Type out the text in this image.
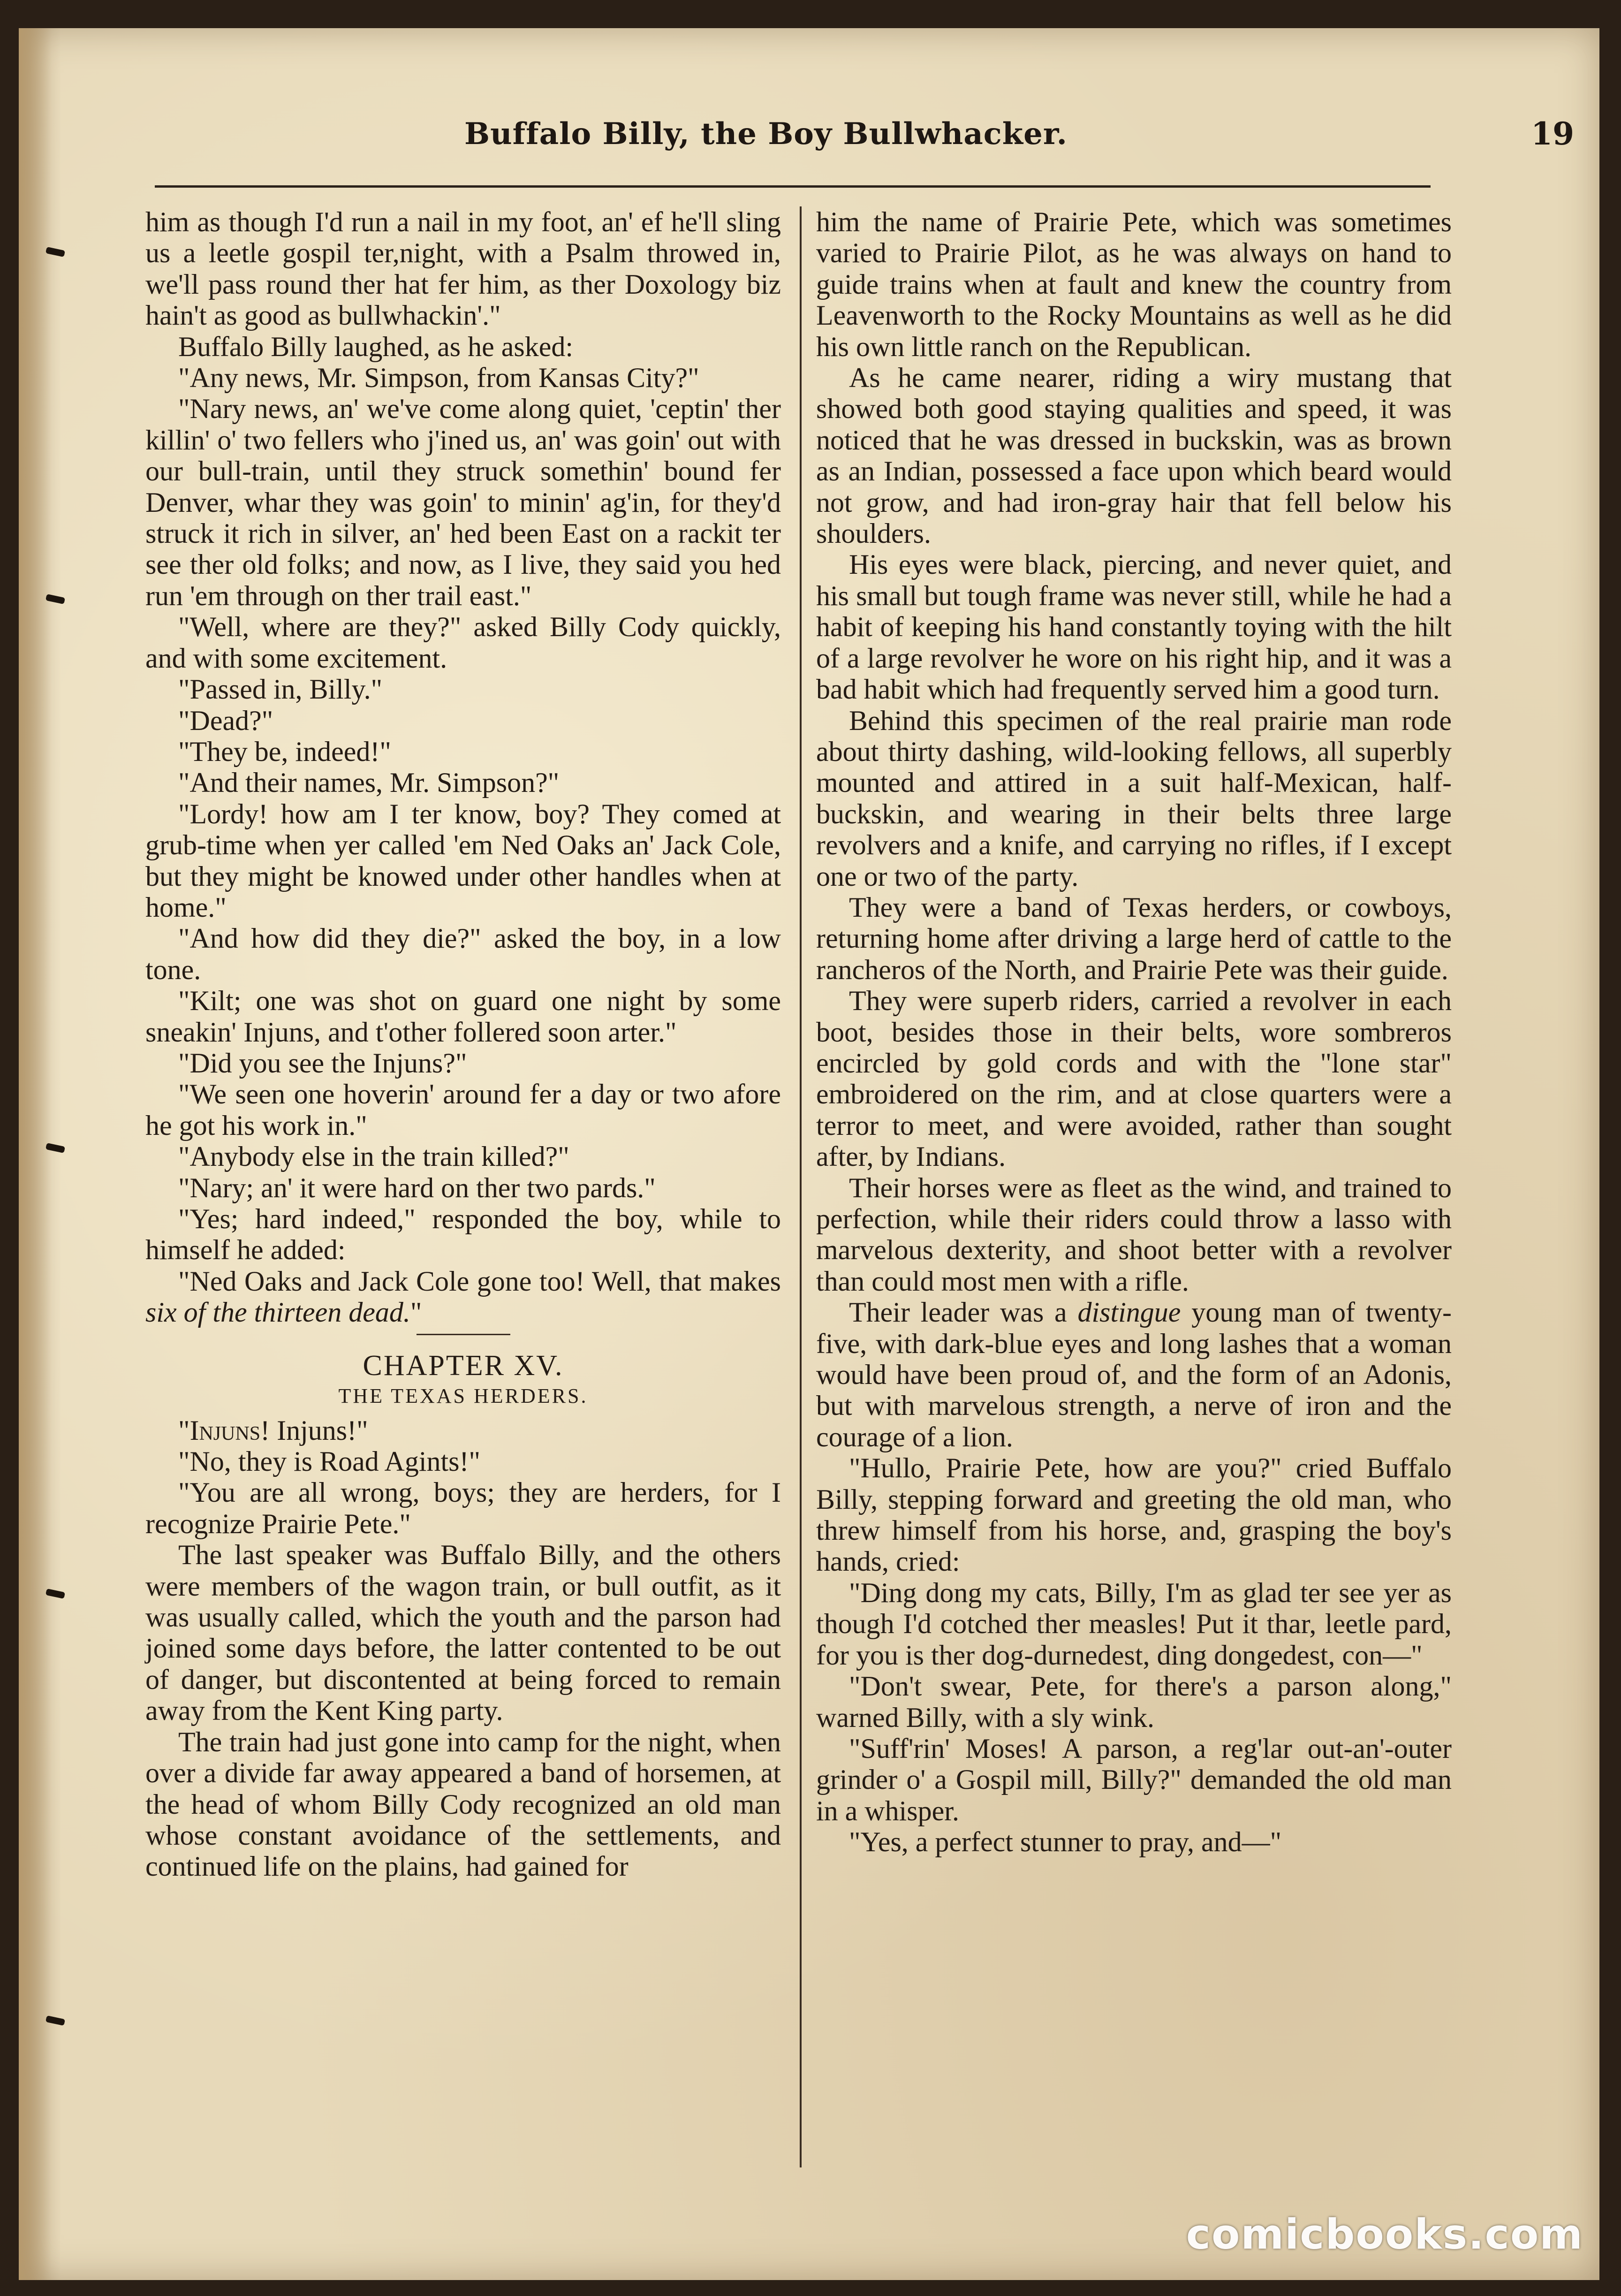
Buffalo Billy, the Boy Bullwhacker.	19

him as though I'd run a nail in my foot, an' ef he'll sling us a leetle gospil ter,night, with a Psalm throwed in, we'll pass round ther hat fer him, as ther Doxology biz hain't as good as bullwhackin'."

Buffalo Billy laughed, as he asked:

"Any news, Mr. Simpson, from Kansas City?"

"Nary news, an' we've come along quiet, 'ceptin' ther killin' o' two fellers who j'ined us, an' was goin' out with our bull-train, until they struck somethin' bound fer Denver, whar they was goin' to minin' ag'in, for they'd struck it rich in silver, an' hed been East on a rackit ter see ther old folks; and now, as I live, they said you hed run 'em through on ther trail east."

"Well, where are they?" asked Billy Cody quickly, and with some excitement.

"Passed in, Billy."

"Dead?"

"They be, indeed!"

"And their names, Mr. Simpson?"

"Lordy! how am I ter know, boy? They comed at grub-time when yer called 'em Ned Oaks an' Jack Cole, but they might be knowed under other handles when at home."

"And how did they die?" asked the boy, in a low tone.

"Kilt; one was shot on guard one night by some sneakin' Injuns, and t'other follered soon arter."

"Did you see the Injuns?"

"We seen one hoverin' around fer a day or two afore he got his work in."

"Anybody else in the train killed?"

"Nary; an' it were hard on ther two pards."

"Yes; hard indeed," responded the boy, while to himself he added:

"Ned Oaks and Jack Cole gone too! Well, that makes six of the thirteen dead."

CHAPTER XV.
THE TEXAS HERDERS.

"Injuns! Injuns!"

"No, they is Road Agints!"

"You are all wrong, boys; they are herders, for I recognize Prairie Pete."

The last speaker was Buffalo Billy, and the others were members of the wagon train, or bull outfit, as it was usually called, which the youth and the parson had joined some days before, the latter contented to be out of danger, but discontented at being forced to remain away from the Kent King party.

The train had just gone into camp for the night, when over a divide far away appeared a band of horsemen, at the head of whom Billy Cody recognized an old man whose constant avoidance of the settlements, and continued life on the plains, had gained for

him the name of Prairie Pete, which was sometimes varied to Prairie Pilot, as he was always on hand to guide trains when at fault and knew the country from Leavenworth to the Rocky Mountains as well as he did his own little ranch on the Republican.

As he came nearer, riding a wiry mustang that showed both good staying qualities and speed, it was noticed that he was dressed in buckskin, was as brown as an Indian, possessed a face upon which beard would not grow, and had iron-gray hair that fell below his shoulders.

His eyes were black, piercing, and never quiet, and his small but tough frame was never still, while he had a habit of keeping his hand constantly toying with the hilt of a large revolver he wore on his right hip, and it was a bad habit which had frequently served him a good turn.

Behind this specimen of the real prairie man rode about thirty dashing, wild-looking fellows, all superbly mounted and attired in a suit half-Mexican, half-buckskin, and wearing in their belts three large revolvers and a knife, and carrying no rifles, if I except one or two of the party.

They were a band of Texas herders, or cowboys, returning home after driving a large herd of cattle to the rancheros of the North, and Prairie Pete was their guide.

They were superb riders, carried a revolver in each boot, besides those in their belts, wore sombreros encircled by gold cords and with the "lone star" embroidered on the rim, and at close quarters were a terror to meet, and were avoided, rather than sought after, by Indians.

Their horses were as fleet as the wind, and trained to perfection, while their riders could throw a lasso with marvelous dexterity, and shoot better with a revolver than could most men with a rifle.

Their leader was a distingue young man of twenty-five, with dark-blue eyes and long lashes that a woman would have been proud of, and the form of an Adonis, but with marvelous strength, a nerve of iron and the courage of a lion.

"Hullo, Prairie Pete, how are you?" cried Buffalo Billy, stepping forward and greeting the old man, who threw himself from his horse, and, grasping the boy's hands, cried:

"Ding dong my cats, Billy, I'm as glad ter see yer as though I'd cotched ther measles! Put it thar, leetle pard, for you is ther dog-durnedest, ding dongedest, con—"

"Don't swear, Pete, for there's a parson along," warned Billy, with a sly wink.

"Suff'rin' Moses! A parson, a reg'lar out-an'-outer grinder o' a Gospil mill, Billy?" demanded the old man in a whisper.

"Yes, a perfect stunner to pray, and—"

comicbooks.com
